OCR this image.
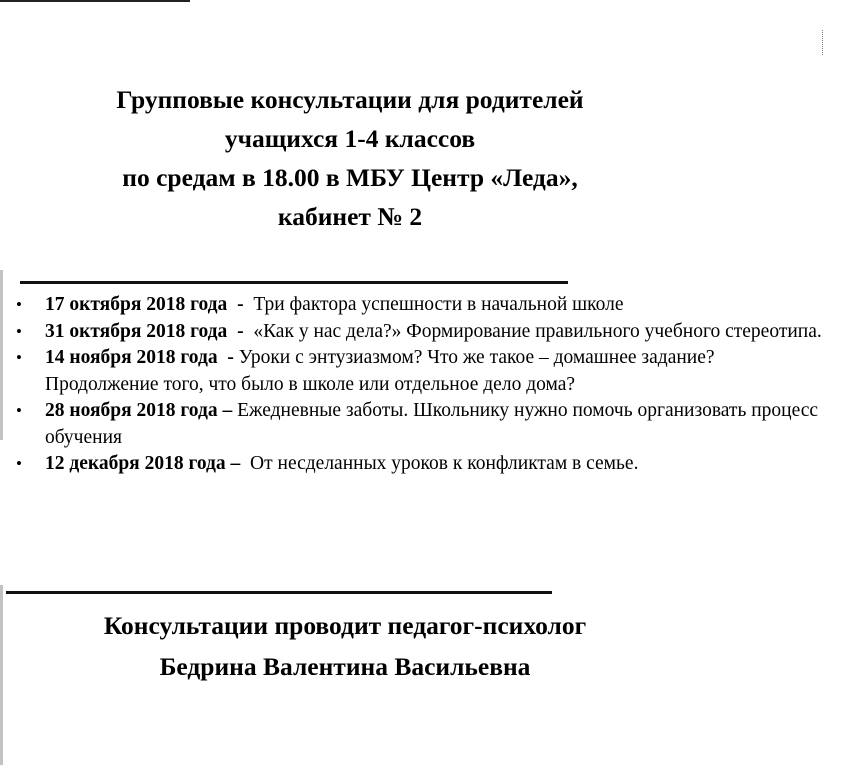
Групповые консультации для родителей
учащихся 1-4 классов
по средам в 18.00 в МБУ Центр «Леда»,
кабинет № 2
• 17 октября 2018 года - Три фактора успешности в начальной школе
• 31 октября 2018 года - «Как у нас дела?» Формирование правильного учебного стереотипа.
• 14 ноября 2018 года - Уроки с энтузиазмом? Что же такое – домашнее задание? Продолжение того, что было в школе или отдельное дело дома?
• 28 ноября 2018 года – Ежедневные заботы. Школьнику нужно помочь организовать процесс обучения
• 12 декабря 2018 года – От несделанных уроков к конфликтам в семье.
Консультации проводит педагог-психолог
Бедрина Валентина Васильевна
